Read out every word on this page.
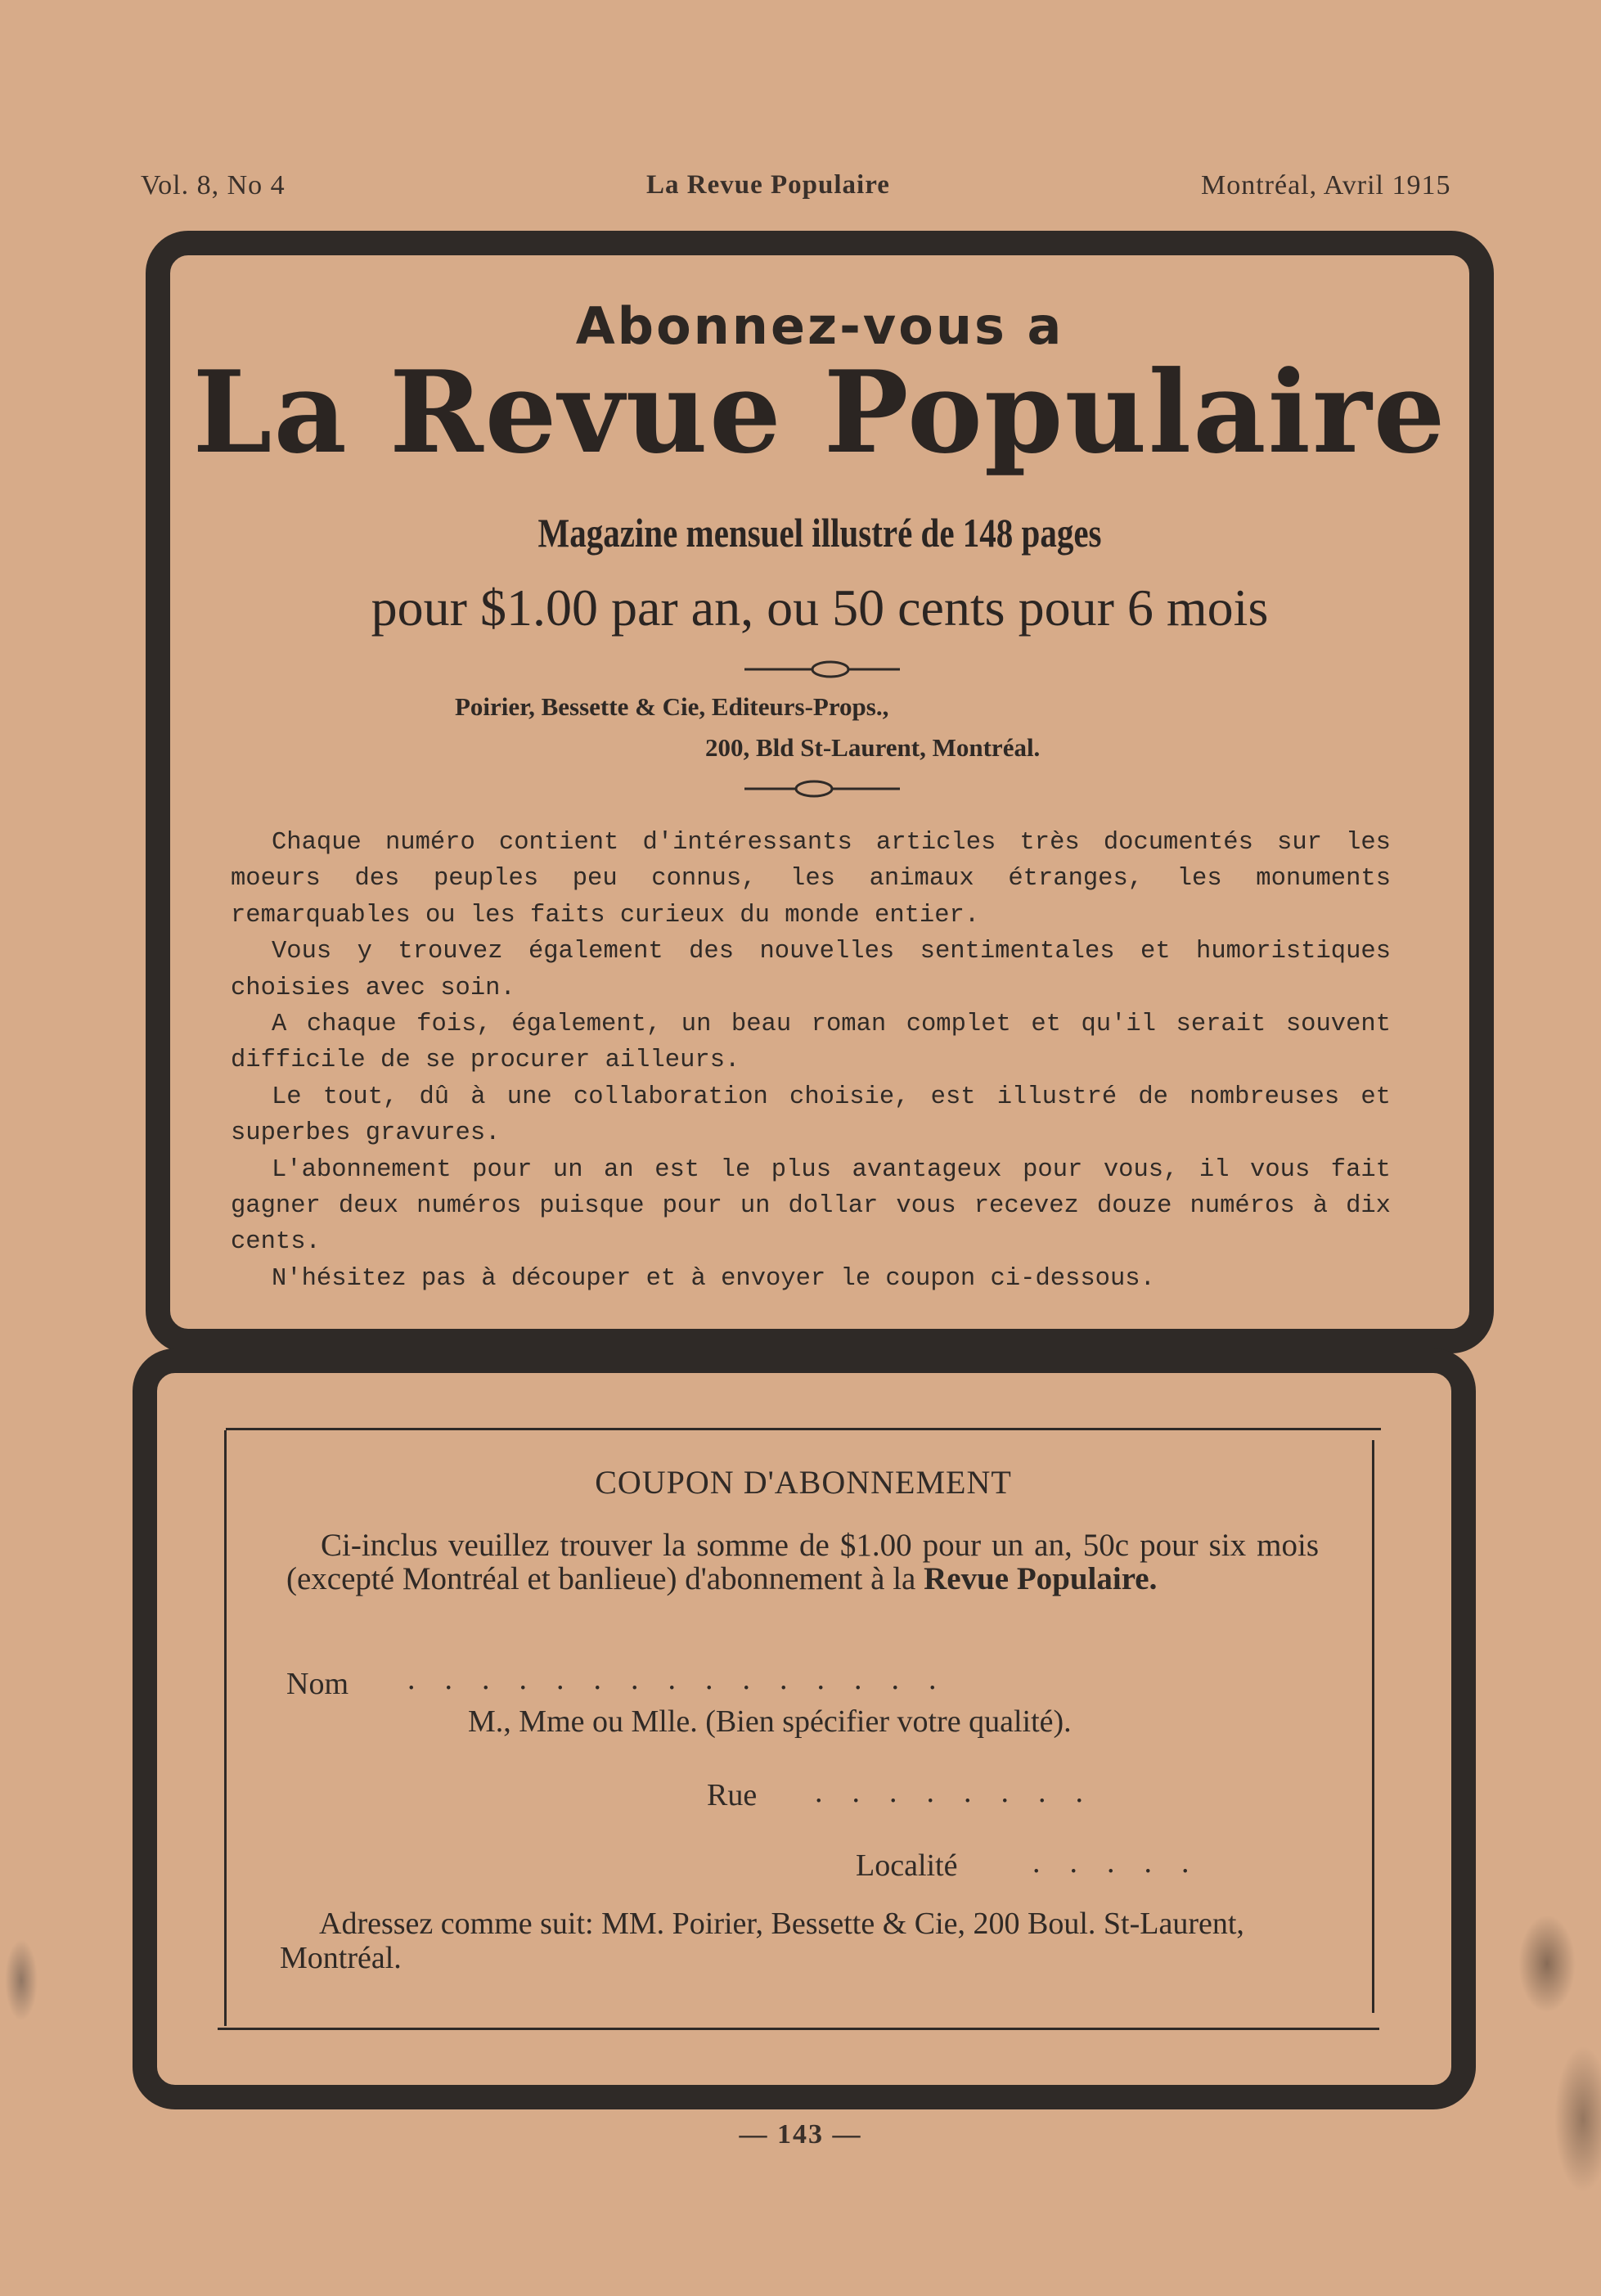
Vol. 8, No 4	La Revue Populaire	Montréal, Avril 1915
Abonnez-vous a
La Revue Populaire
Magazine mensuel illustré de 148 pages
pour $1.00 par an, ou 50 cents pour 6 mois
Poirier, Bessette & Cie, Editeurs-Props.,
200, Bld St-Laurent, Montréal.

Chaque numéro contient d'intéressants articles très documentés sur les moeurs des peuples peu connus, les animaux étranges, les monuments remarquables ou les faits curieux du monde entier.

Vous y trouvez également des nouvelles sentimentales et humoristiques choisies avec soin.

A chaque fois, également, un beau roman complet et qu'il serait souvent difficile de se procurer ailleurs.

Le tout, dû à une collaboration choisie, est illustré de nombreuses et superbes gravures.

L'abonnement pour un an est le plus avantageux pour vous, il vous fait gagner deux numéros puisque pour un dollar vous recevez douze numéros à dix cents.

N'hésitez pas à découper et à envoyer le coupon ci-dessous.

COUPON D'ABONNEMENT
Ci-inclus veuillez trouver la somme de $1.00 pour un an, 50c pour six mois (excepté Montréal et banlieue) d'abonnement à la Revue Populaire.
Nom ...............
M., Mme ou Mlle. (Bien spécifier votre qualité).
Rue ........
Localité .....
Adressez comme suit: MM. Poirier, Bessette & Cie, 200 Boul. St-Laurent, Montréal.
— 143 —
